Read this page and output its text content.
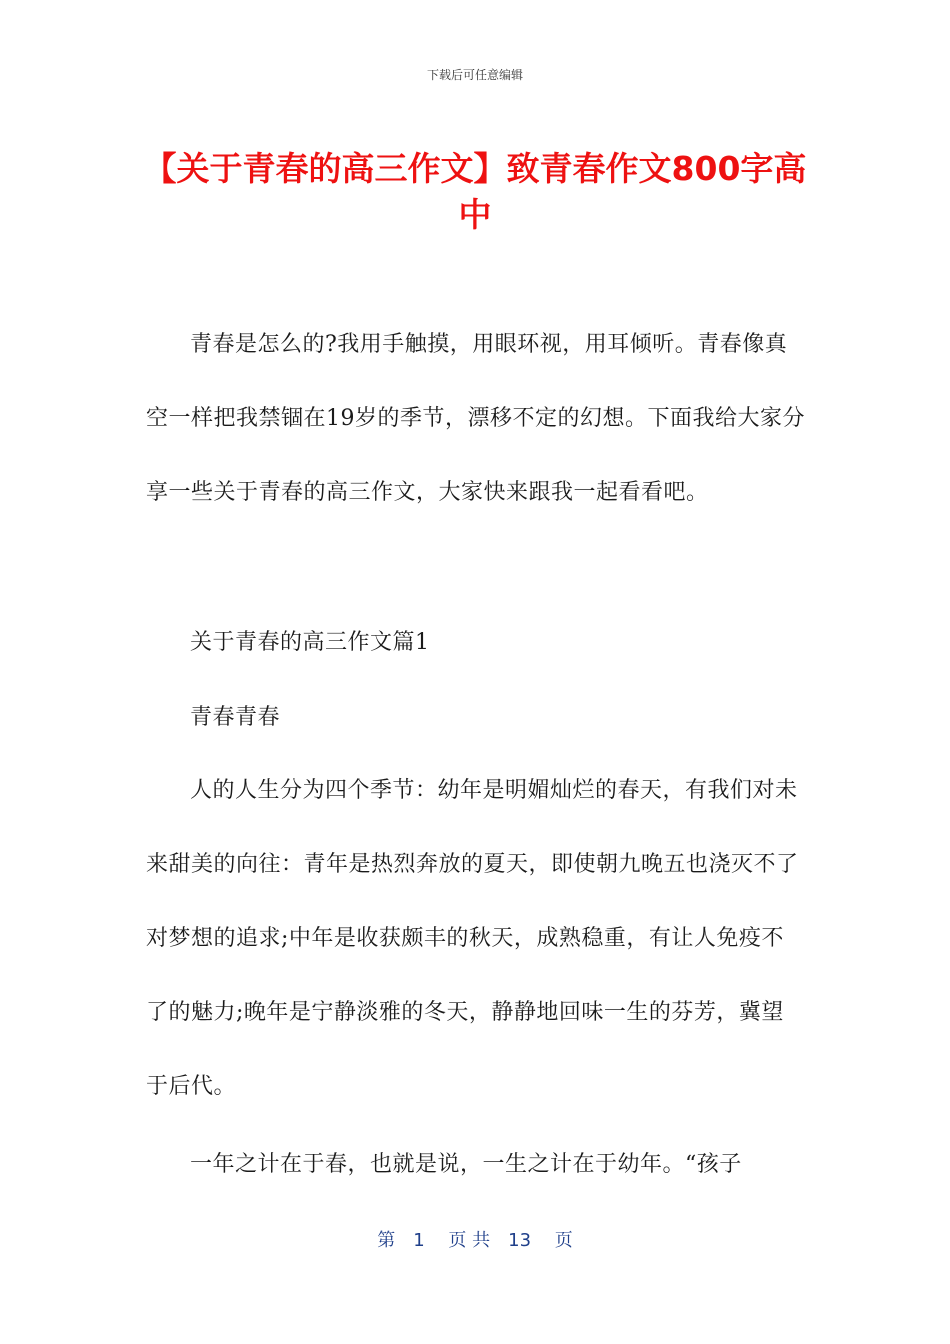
下载后可任意编辑
【关于青春的高三作文】致青春作文800字高中

青春是怎么的?我用手触摸，用眼环视，用耳倾听。青春像真空一样把我禁锢在19岁的季节，漂移不定的幻想。下面我给大家分享一些关于青春的高三作文，大家快来跟我一起看看吧。

关于青春的高三作文篇1

青春青春

人的人生分为四个季节：幼年是明媚灿烂的春天，有我们对未来甜美的向往：青年是热烈奔放的夏天，即使朝九晚五也浇灭不了对梦想的追求;中年是收获颇丰的秋天，成熟稳重，有让人免疫不了的魅力;晚年是宁静淡雅的冬天，静静地回味一生的芬芳，冀望于后代。

一年之计在于春，也就是说，一生之计在于幼年。“孩子

第　1　 页 共　13　 页
